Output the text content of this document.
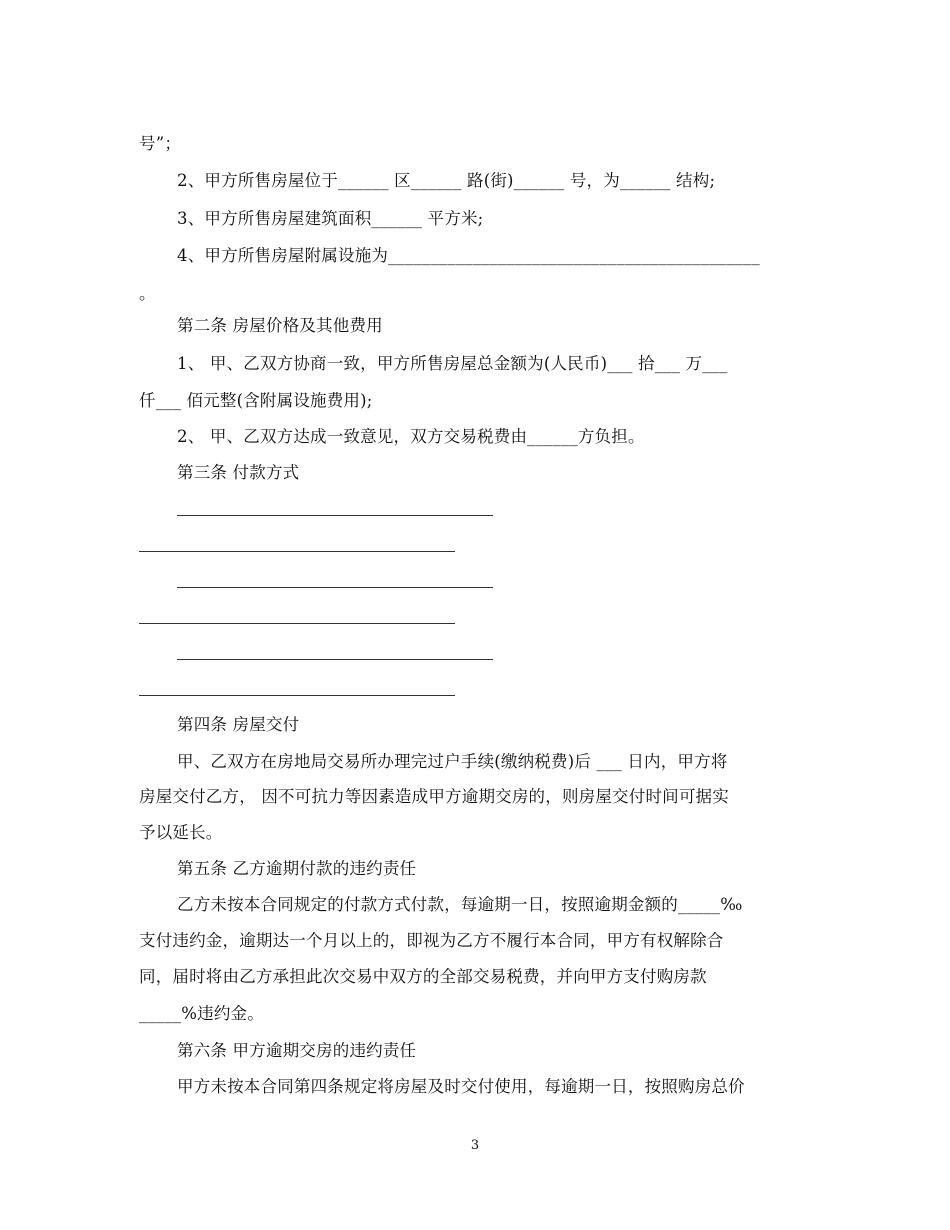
号”；
2、甲方所售房屋位于______ 区______ 路(街)______ 号，为______ 结构;
3、甲方所售房屋建筑面积______ 平方米;
4、甲方所售房屋附属设施为____________________________________________
。
第二条 房屋价格及其他费用
1、 甲、乙双方协商一致，甲方所售房屋总金额为(人民币)___ 拾___ 万___
仟___ 佰元整(含附属设施费用);
2、 甲、乙双方达成一致意见，双方交易税费由______方负担。
第三条 付款方式
第四条 房屋交付
甲、乙双方在房地局交易所办理完过户手续(缴纳税费)后 ___ 日内，甲方将
房屋交付乙方， 因不可抗力等因素造成甲方逾期交房的，则房屋交付时间可据实
予以延长。
第五条 乙方逾期付款的违约责任
乙方未按本合同规定的付款方式付款，每逾期一日，按照逾期金额的_____‰
支付违约金，逾期达一个月以上的，即视为乙方不履行本合同，甲方有权解除合
同，届时将由乙方承担此次交易中双方的全部交易税费，并向甲方支付购房款
_____%违约金。
第六条 甲方逾期交房的违约责任
甲方未按本合同第四条规定将房屋及时交付使用，每逾期一日，按照购房总价
3
